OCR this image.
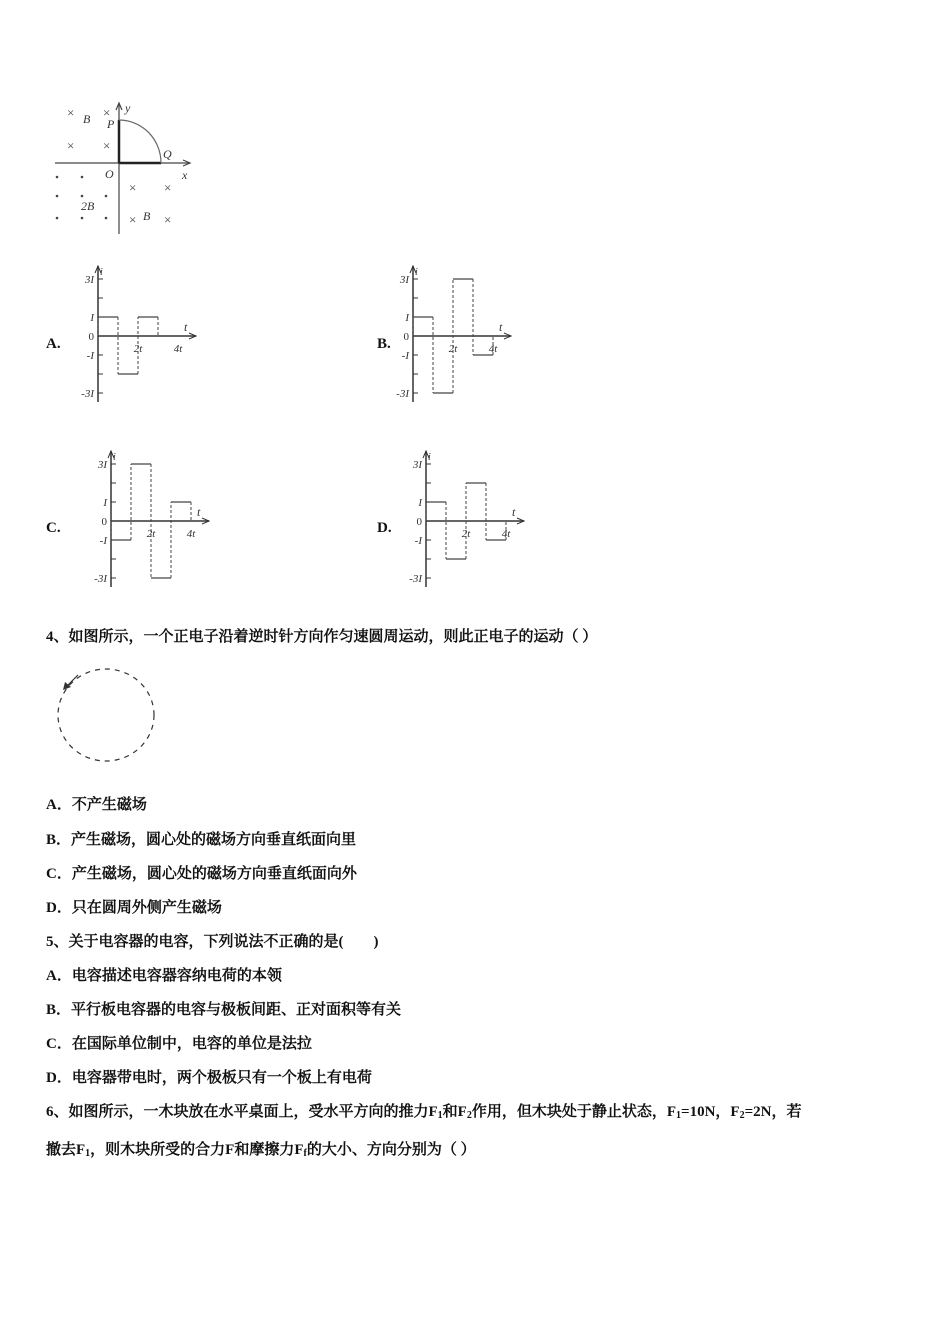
× ×
× ×
× ×
× ×
B P
y
Q
O	x
2B
B
A.	B.
C.	D.
3I
I
0
-I
-3I
i
t
2t	4t
3I
I
0
-I
-3I
i
t
2t	4t
3I
I
0
-I
-3I
i
t
2t	4t
3I
I
0
-I
-3I
i
t
2t	4t
4、如图所示，一个正电子沿着逆时针方向作匀速圆周运动，则此正电子的运动（ ）
A．不产生磁场
B．产生磁场，圆心处的磁场方向垂直纸面向里
C．产生磁场，圆心处的磁场方向垂直纸面向外
D．只在圆周外侧产生磁场
5、关于电容器的电容，下列说法不正确的是(　　)
A．电容描述电容器容纳电荷的本领
B．平行板电容器的电容与极板间距、正对面积等有关
C．在国际单位制中，电容的单位是法拉
D．电容器带电时，两个极板只有一个板上有电荷
6、如图所示，一木块放在水平桌面上，受水平方向的推力$F_1$和$F_2$作用，但木块处于静止状态，$F_1=10N$，$F_2=2N$，若
撤去$F_1$，则木块所受的合力F和摩擦力$F_f$的大小、方向分别为（ ）
